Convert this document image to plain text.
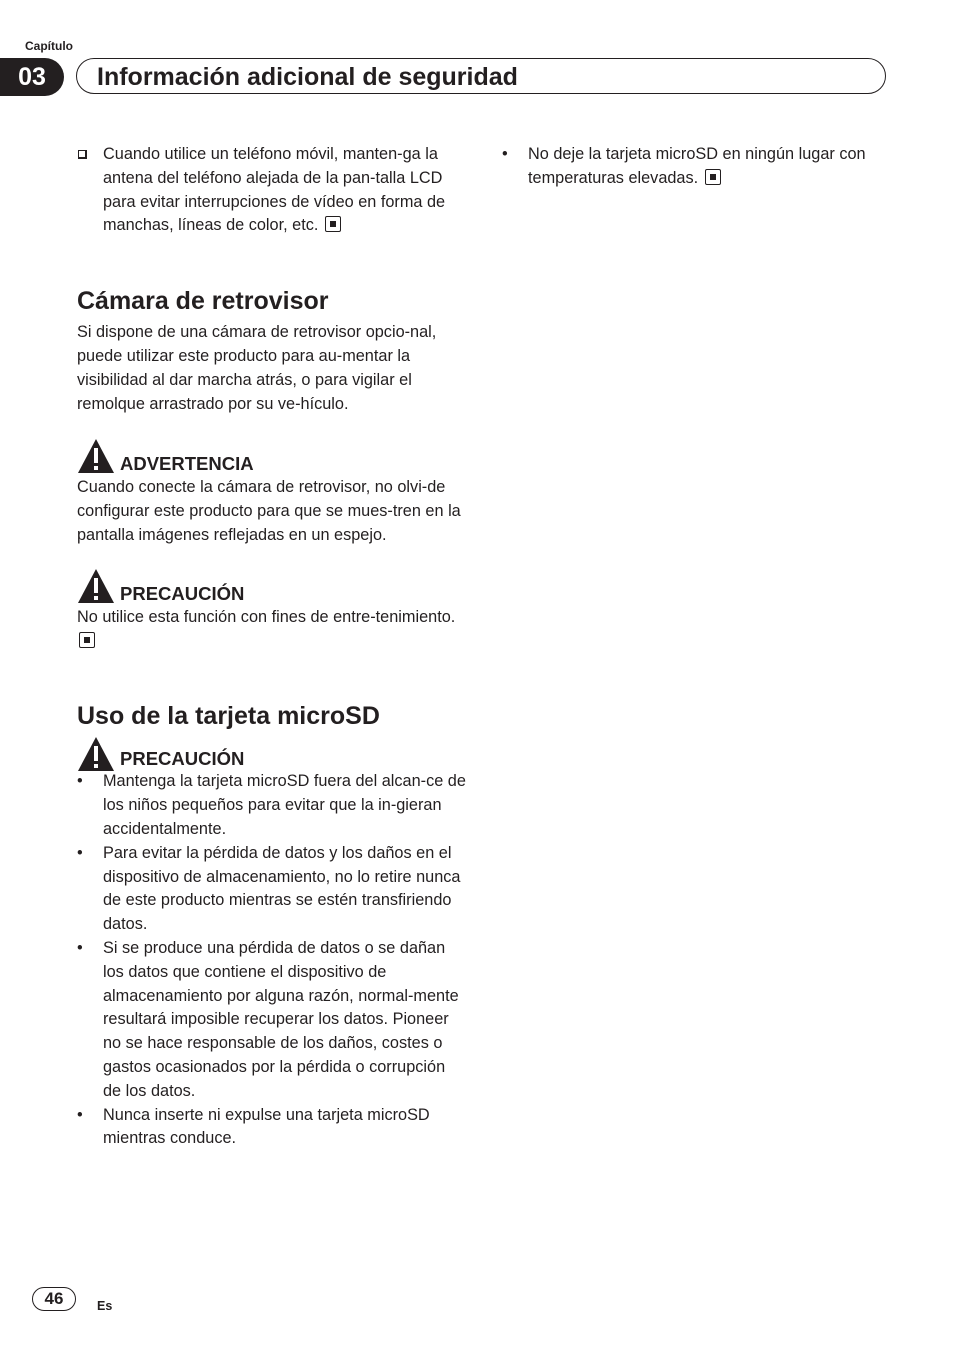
Capítulo
03	Información adicional de seguridad
Cuando utilice un teléfono móvil, manten-ga la antena del teléfono alejada de la pan-talla LCD para evitar interrupciones de vídeo en forma de manchas, líneas de color, etc.
Cámara de retrovisor

Si dispone de una cámara de retrovisor opcio-nal, puede utilizar este producto para au-mentar la visibilidad al dar marcha atrás, o para vigilar el remolque arrastrado por su ve-hículo.

ADVERTENCIA

Cuando conecte la cámara de retrovisor, no olvi-de configurar este producto para que se mues-tren en la pantalla imágenes reflejadas en un espejo.

PRECAUCIÓN

No utilice esta función con fines de entre-tenimiento.

Uso de la tarjeta microSD
PRECAUCIÓN
• Mantenga la tarjeta microSD fuera del alcan-ce de los niños pequeños para evitar que la in-gieran accidentalmente.
• Para evitar la pérdida de datos y los daños en el dispositivo de almacenamiento, no lo retire nunca de este producto mientras se estén transfiriendo datos.
• Si se produce una pérdida de datos o se dañan los datos que contiene el dispositivo de almacenamiento por alguna razón, normal-mente resultará imposible recuperar los datos. Pioneer no se hace responsable de los daños, costes o gastos ocasionados por la pérdida o corrupción de los datos.
• Nunca inserte ni expulse una tarjeta microSD mientras conduce.
• No deje la tarjeta microSD en ningún lugar con temperaturas elevadas.
46	Es
